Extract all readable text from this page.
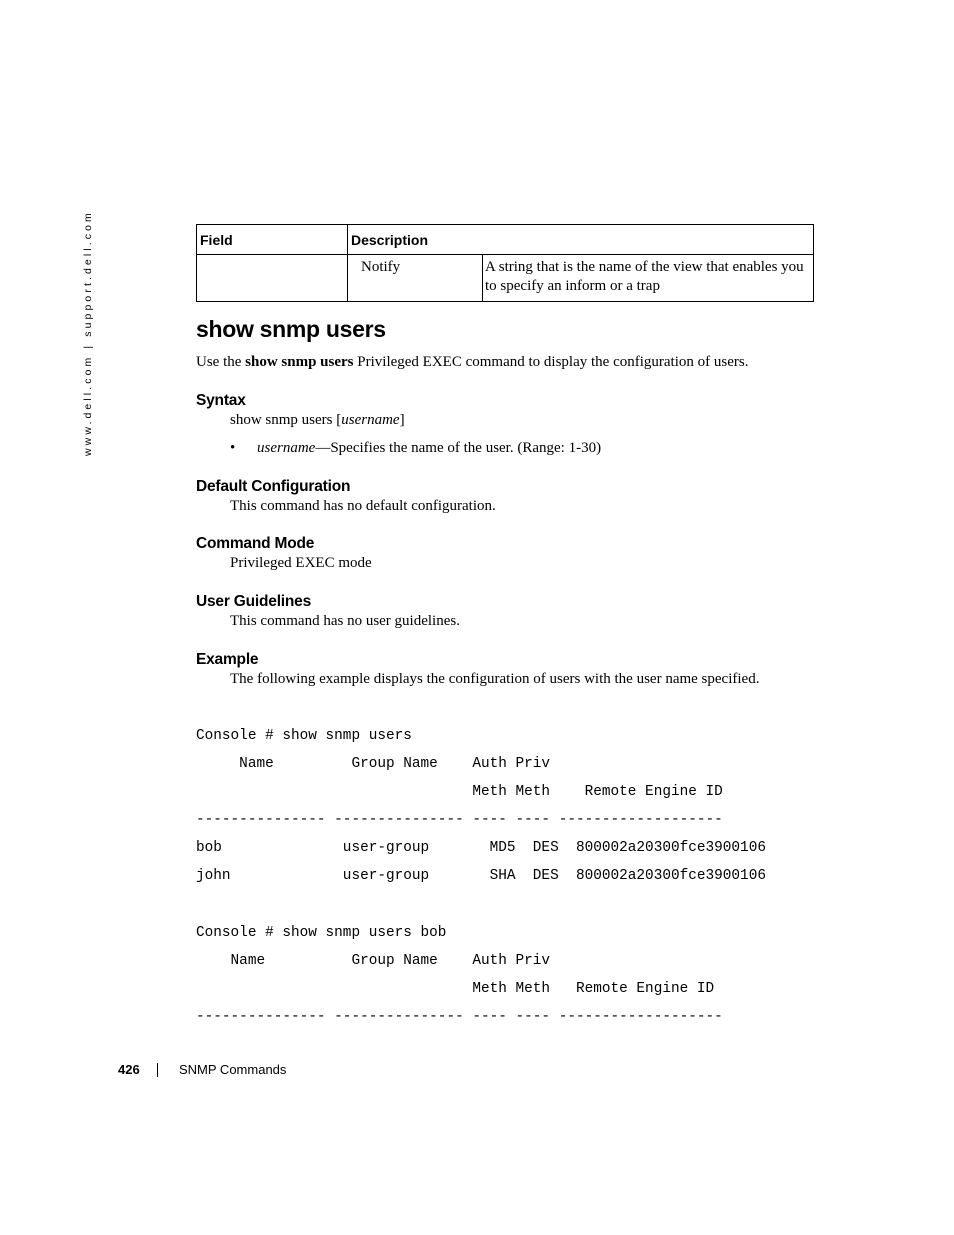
www.dell.com | support.dell.com	Field	Description	
	Notify	A string that is the name of the view that enables you to specify an inform or a trap
show snmp users

Use the show snmp users Privileged EXEC command to display the configuration of users.

Syntax

show snmp users [username]

• username—Specifies the name of the user. (Range: 1-30)

Default Configuration

This command has no default configuration.

Command Mode

Privileged EXEC mode

User Guidelines

This command has no user guidelines.

Example

The following example displays the configuration of users with the user name specified.

Console # show snmp users
Name         Group Name    Auth Priv
Meth Meth    Remote Engine ID
--------------- --------------- ---- ---- -------------------
bob              user-group       MD5  DES  800002a20300fce3900106
john             user-group       SHA  DES  800002a20300fce3900106
Console # show snmp users bob
Name          Group Name    Auth Priv
Meth Meth   Remote Engine ID
--------------- --------------- ---- ---- -------------------
426	SNMP Commands
